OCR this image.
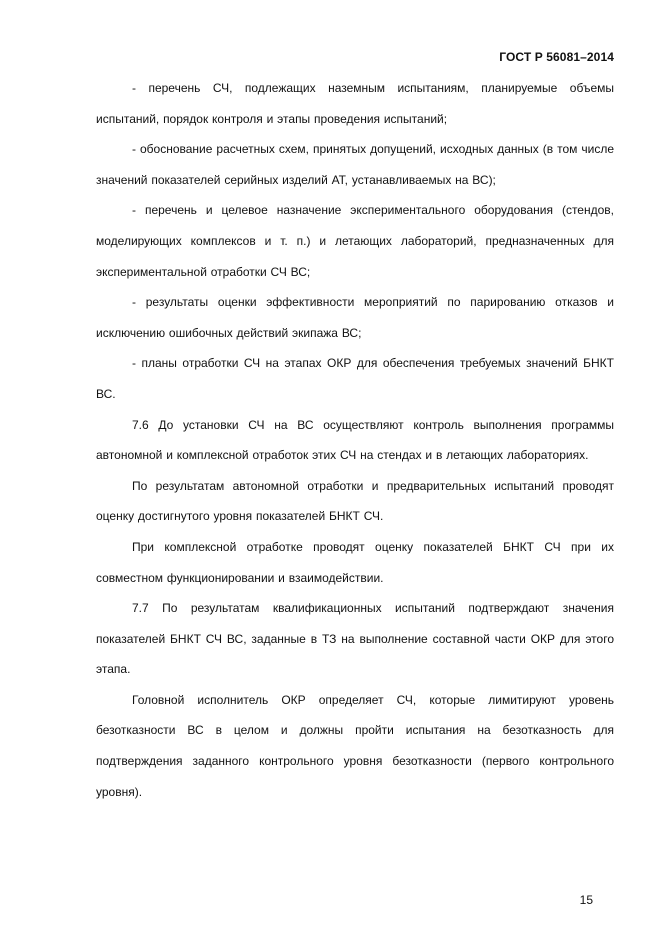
ГОСТ Р 56081–2014

- перечень СЧ, подлежащих наземным испытаниям, планируемые объемы испытаний, порядок контроля и этапы проведения испытаний;

- обоснование расчетных схем, принятых допущений, исходных данных (в том числе значений показателей серийных изделий АТ, устанавливаемых на ВС);

- перечень и целевое назначение экспериментального оборудования (стендов, моделирующих комплексов и т. п.) и летающих лабораторий, предназначенных для экспериментальной отработки СЧ ВС;

- результаты оценки эффективности мероприятий по парированию отказов и исключению ошибочных действий экипажа ВС;

- планы отработки СЧ на этапах ОКР для обеспечения требуемых значений БНКТ ВС.

7.6 До установки СЧ на ВС осуществляют контроль выполнения программы автономной и комплексной отработок этих СЧ на стендах и в летающих лабораториях.

По результатам автономной отработки и предварительных испытаний проводят оценку достигнутого уровня показателей БНКТ СЧ.

При комплексной отработке проводят оценку показателей БНКТ СЧ при их совместном функционировании и взаимодействии.

7.7 По результатам квалификационных испытаний подтверждают значения показателей БНКТ СЧ ВС, заданные в ТЗ на выполнение составной части ОКР для этого этапа.

Головной исполнитель ОКР определяет СЧ, которые лимитируют уровень безотказности ВС в целом и должны пройти испытания на безотказность для подтверждения заданного контрольного уровня безотказности (первого контрольного уровня).

15
